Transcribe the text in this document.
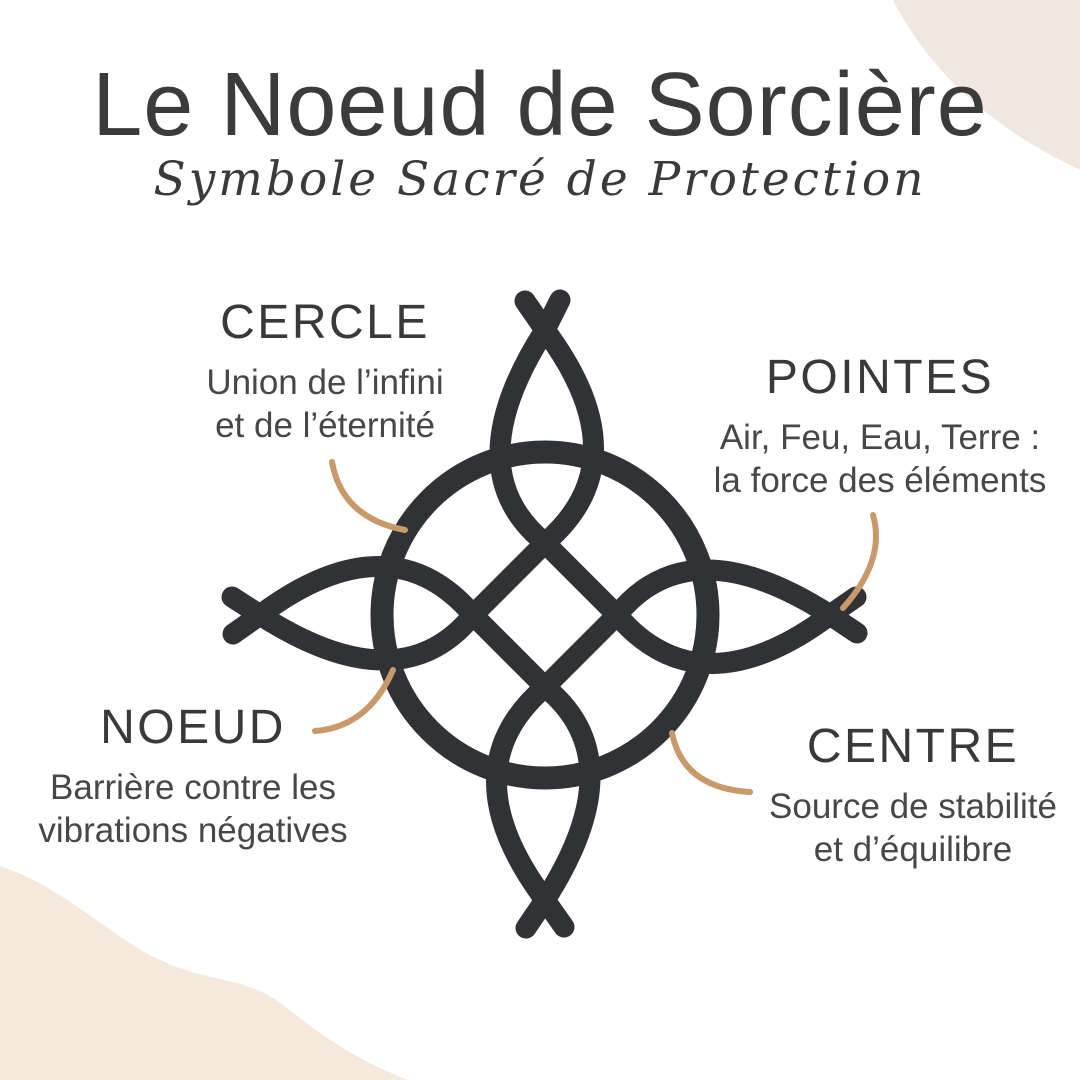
Le Noeud de Sorcière
Symbole Sacré de Protection
CERCLE
Union de l’infini
et de l’éternité
POINTES
Air, Feu, Eau, Terre :
la force des éléments
NOEUD
Barrière contre les
vibrations négatives
CENTRE
Source de stabilité
et d’équilibre
